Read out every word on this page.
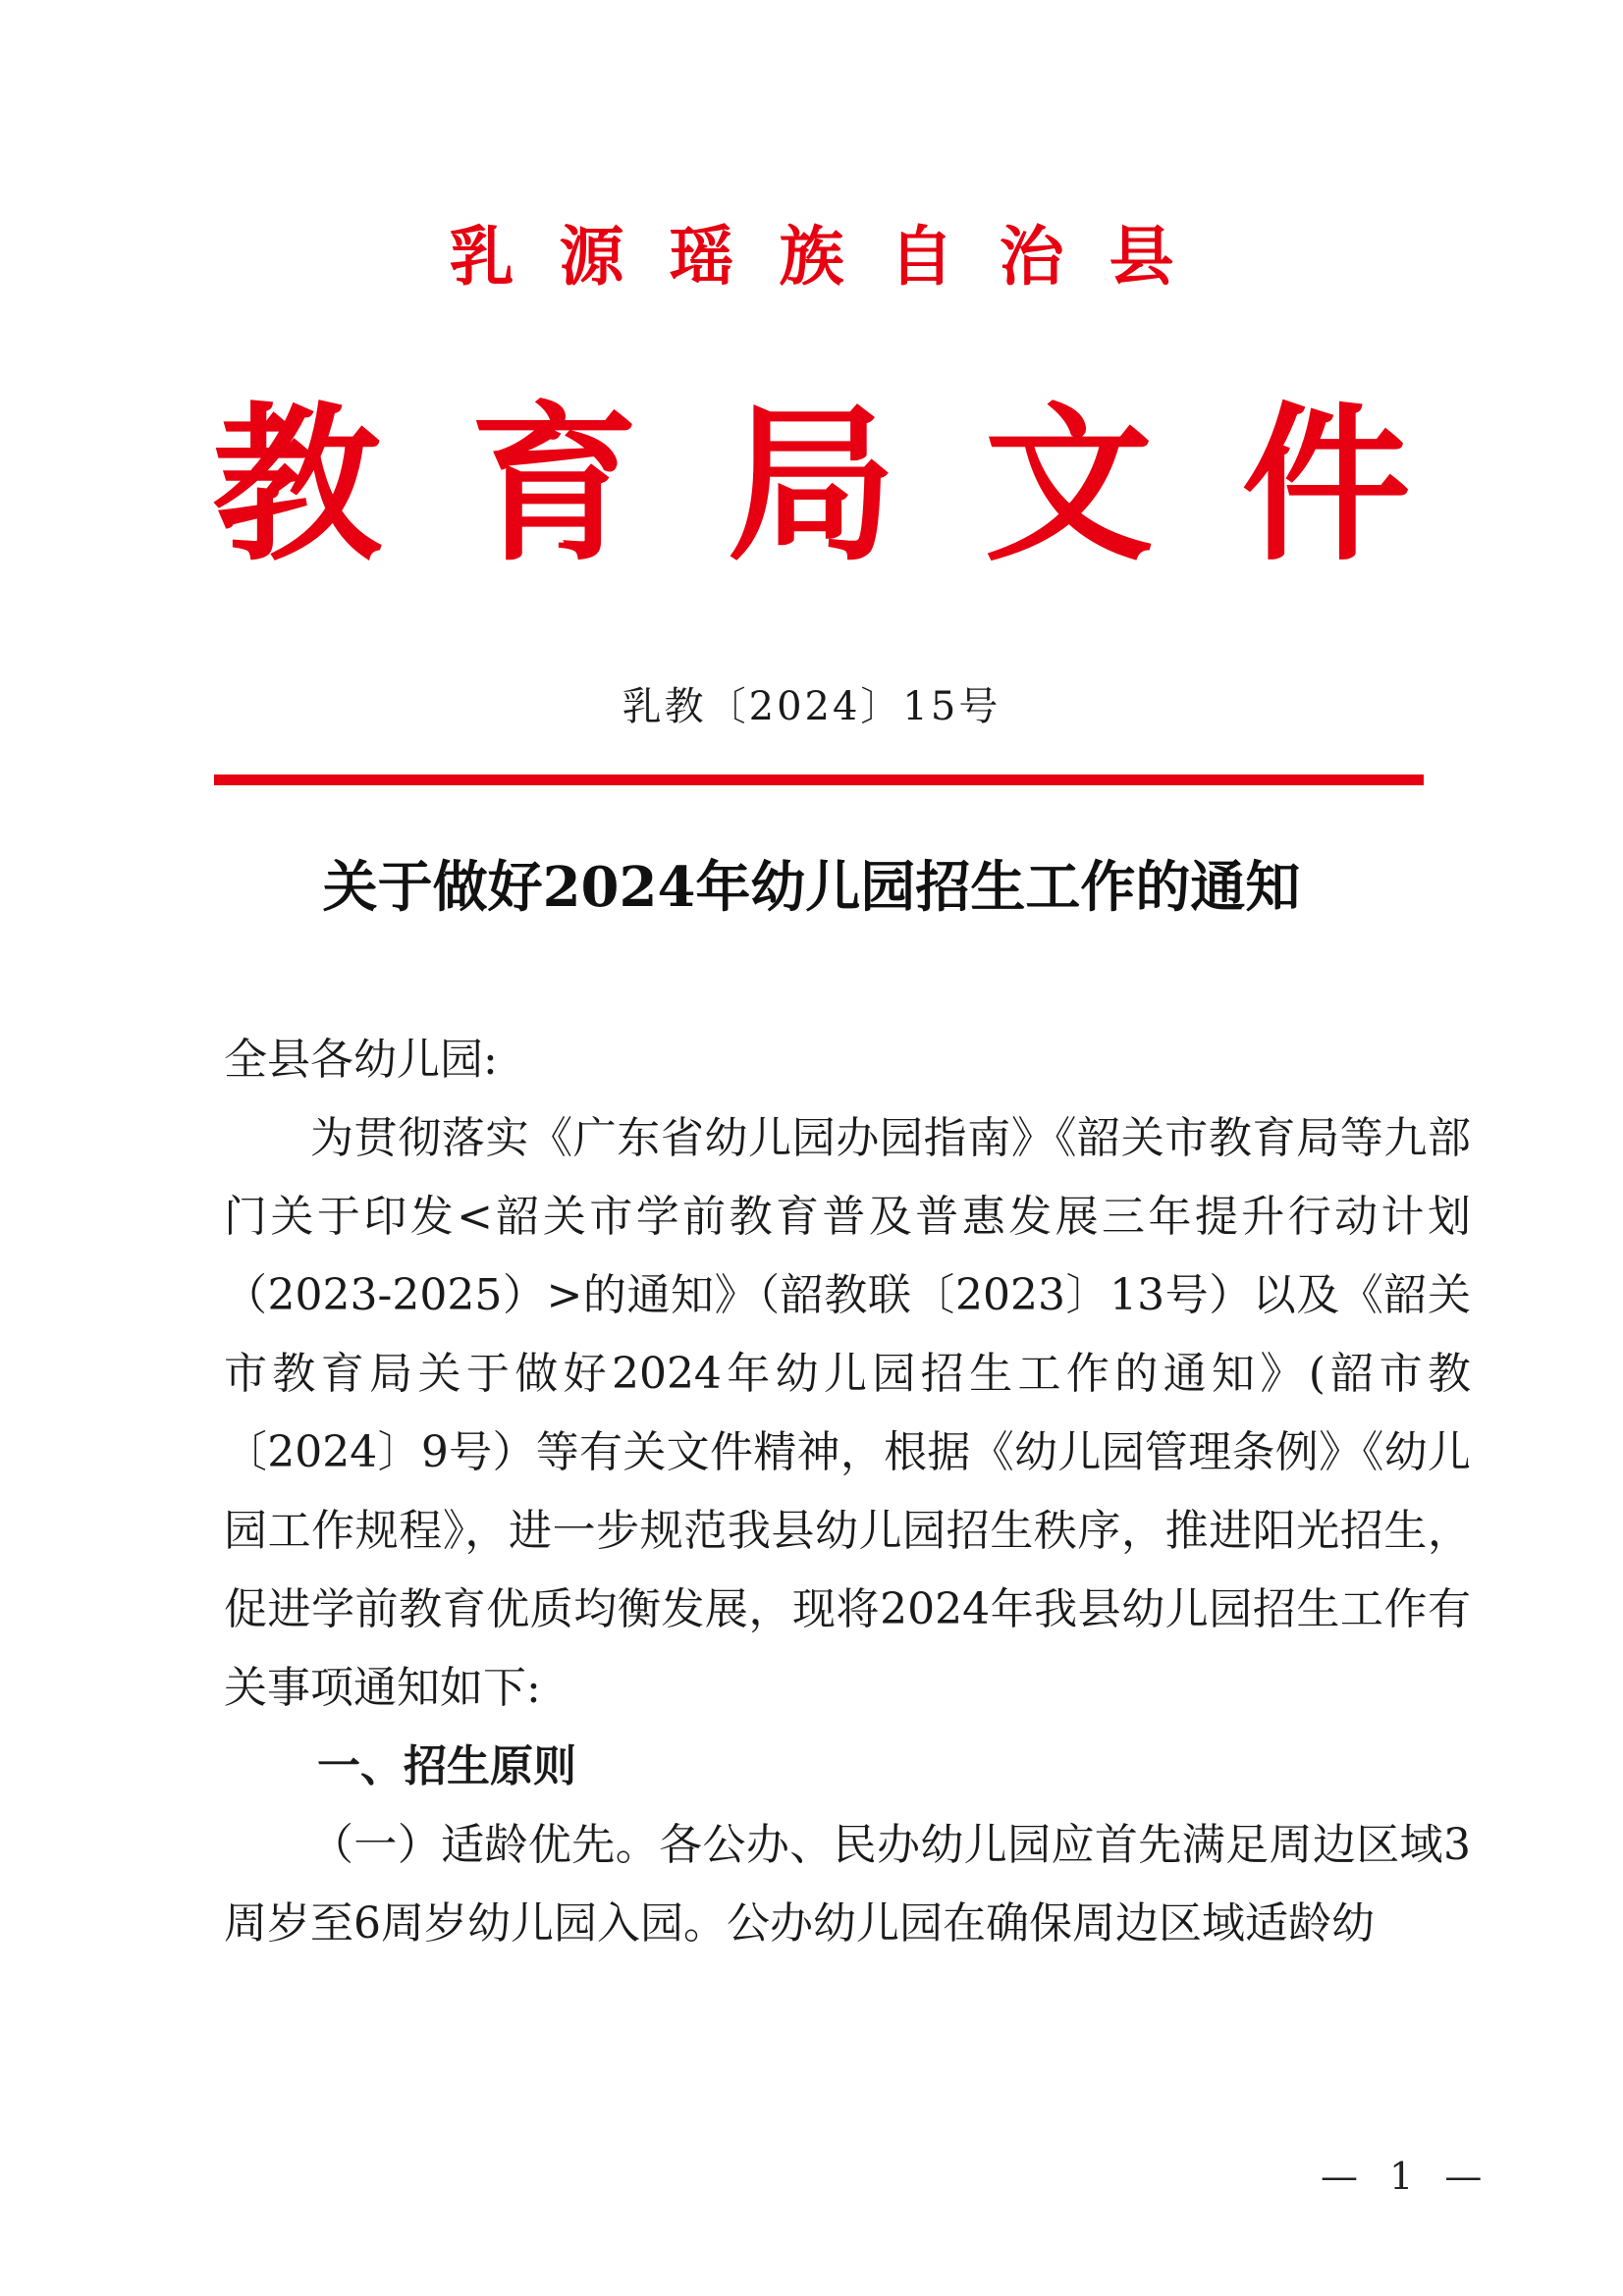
乳源瑶族自治县
教育局文件
乳教〔2024〕15号
关于做好2024年幼儿园招生工作的通知

全县各幼儿园:

为贯彻落实《广东省幼儿园办园指南》《韶关市教育局等九部门关于印发<韶关市学前教育普及普惠发展三年提升行动计划（2023-2025）>的通知》（韶教联〔2023〕13号）以及《韶关市教育局关于做好2024年幼儿园招生工作的通知》(韶市教〔2024〕9号）等有关文件精神，根据《幼儿园管理条例》《幼儿园工作规程》，进一步规范我县幼儿园招生秩序，推进阳光招生，促进学前教育优质均衡发展，现将2024年我县幼儿园招生工作有关事项通知如下:

一、招生原则

（一）适龄优先。各公办、民办幼儿园应首先满足周边区域3周岁至6周岁幼儿园入园。公办幼儿园在确保周边区域适龄幼

— 1 —
